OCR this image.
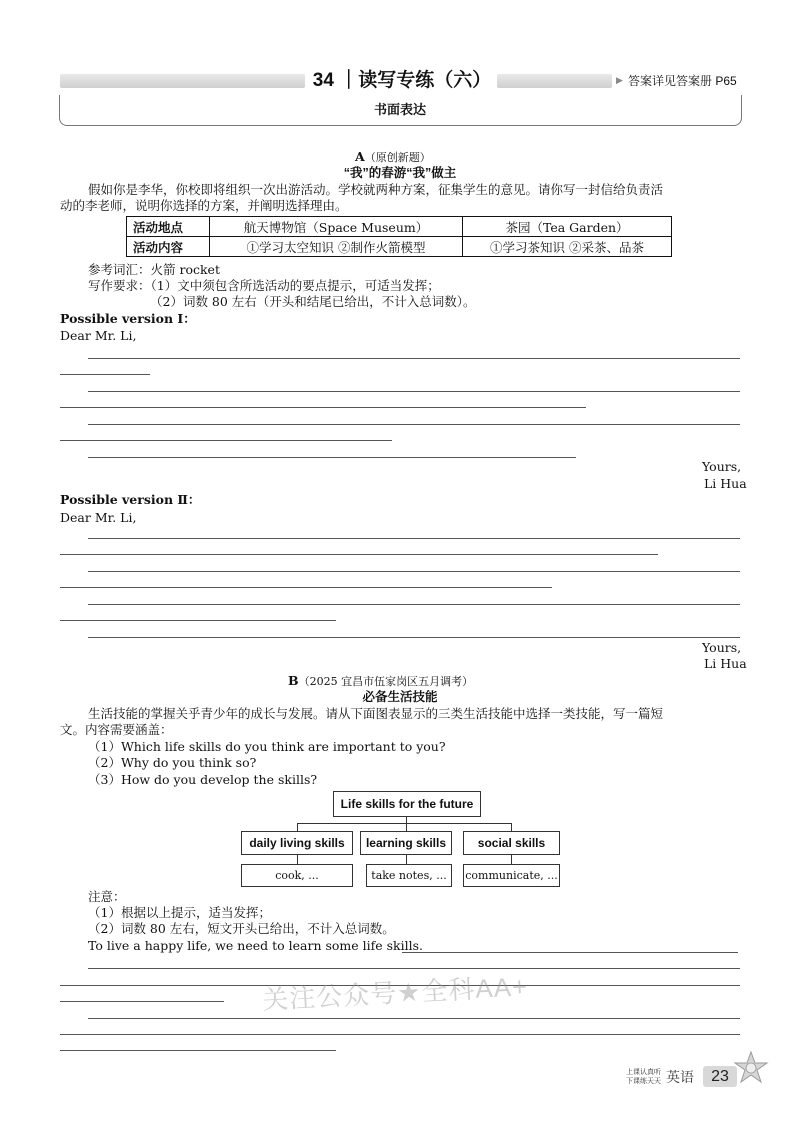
34 ｜读写专练（六）	▶ 答案详见答案册 P65
书面表达
A（原创新题）
“我”的春游“我”做主
假如你是李华，你校即将组织一次出游活动。学校就两种方案，征集学生的意见。请你写一封信给负责活
动的李老师，说明你选择的方案，并阐明选择理由。
活动地点	航天博物馆（Space Museum）	茶园（Tea Garden）
活动内容	①学习太空知识 ②制作火箭模型	①学习茶知识 ②采茶、品茶
参考词汇：火箭 rocket
写作要求：（1）文中须包含所选活动的要点提示，可适当发挥；
（2）词数 80 左右（开头和结尾已给出，不计入总词数）。
Possible version Ⅰ：
Dear Mr. Li,
Yours,
Li Hua
Possible version Ⅱ：
Dear Mr. Li,
Yours,
Li Hua
B（2025 宜昌市伍家岗区五月调考）
必备生活技能
生活技能的掌握关乎青少年的成长与发展。请从下面图表显示的三类生活技能中选择一类技能，写一篇短
文。内容需要涵盖：
（1）Which life skills do you think are important to you?
（2）Why do you think so?
（3）How do you develop the skills?
Life skills for the future
daily living skills	learning skills	social skills
cook, ...	take notes, ...	communicate, ...
注意：
（1）根据以上提示，适当发挥；
（2）词数 80 左右，短文开头已给出，不计入总词数。
To live a happy life, we need to learn some life skills.
关注公众号★全科AA+
上课认真听
下课练天天 英语	23
